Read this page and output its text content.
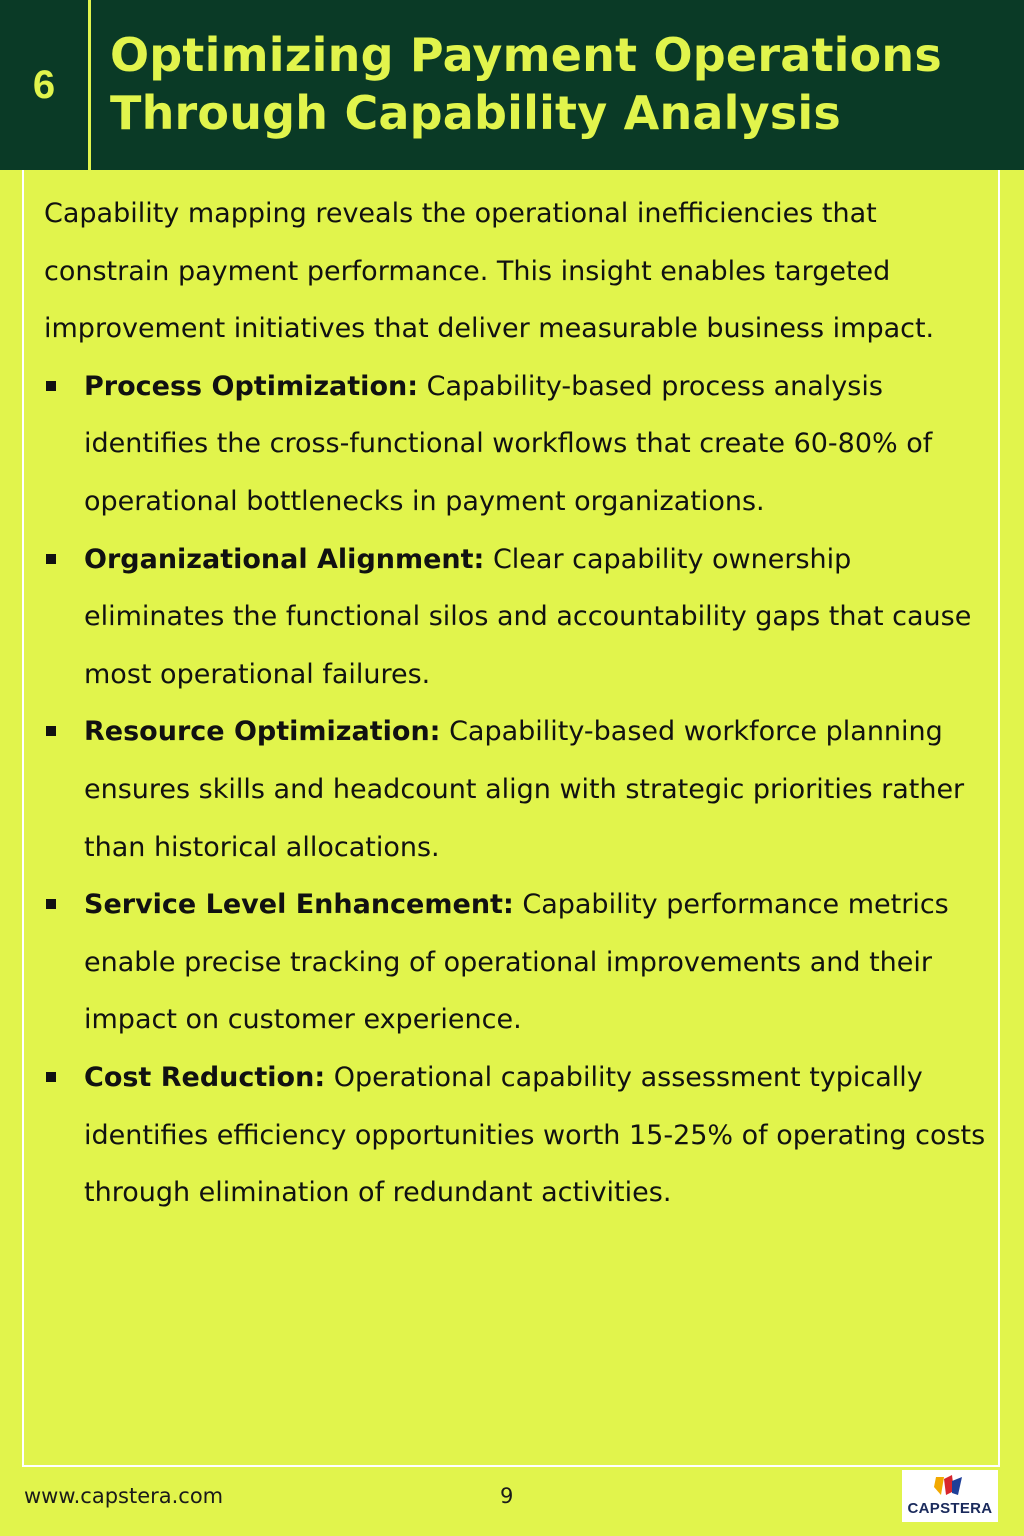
6
Optimizing Payment Operations
Through Capability Analysis

Capability mapping reveals the operational inefficiencies that constrain payment performance. This insight enables targeted improvement initiatives that deliver measurable business impact.

Process Optimization: Capability-based process analysis identifies the cross-functional workflows that create 60-80% of operational bottlenecks in payment organizations.
Organizational Alignment: Clear capability ownership eliminates the functional silos and accountability gaps that cause most operational failures.
Resource Optimization: Capability-based workforce planning ensures skills and headcount align with strategic priorities rather than historical allocations.
Service Level Enhancement: Capability performance metrics enable precise tracking of operational improvements and their impact on customer experience.
Cost Reduction: Operational capability assessment typically identifies efficiency opportunities worth 15-25% of operating costs through elimination of redundant activities.
www.capstera.com	9
CAPSTERA
